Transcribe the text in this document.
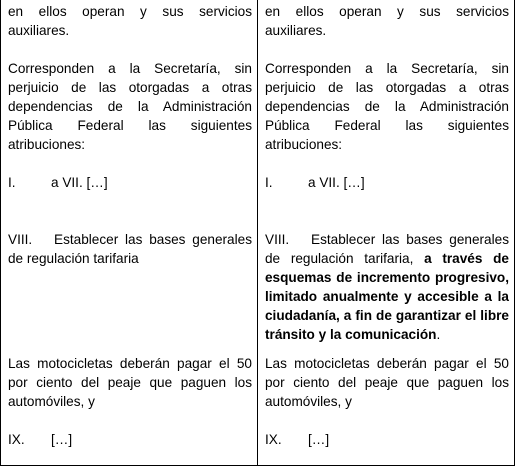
en ellos operan y sus servicios auxiliares.

Corresponden a la Secretaría, sin perjuicio de las otorgadas a otras dependencias de la Administración Pública Federal las siguientes atribuciones:

I.	a VII. […]

VIII. Establecer las bases generales de regulación tarifaria

Las motocicletas deberán pagar el 50 por ciento del peaje que paguen los automóviles, y

IX. […]

en ellos operan y sus servicios auxiliares.

Corresponden a la Secretaría, sin perjuicio de las otorgadas a otras dependencias de la Administración Pública Federal las siguientes atribuciones:

I.	a VII. […]

VIII. Establecer las bases generales de regulación tarifaria, a través de esquemas de incremento progresivo, limitado anualmente y accesible a la ciudadanía, a fin de garantizar el libre tránsito y la comunicación.

Las motocicletas deberán pagar el 50 por ciento del peaje que paguen los automóviles, y

IX. […]
